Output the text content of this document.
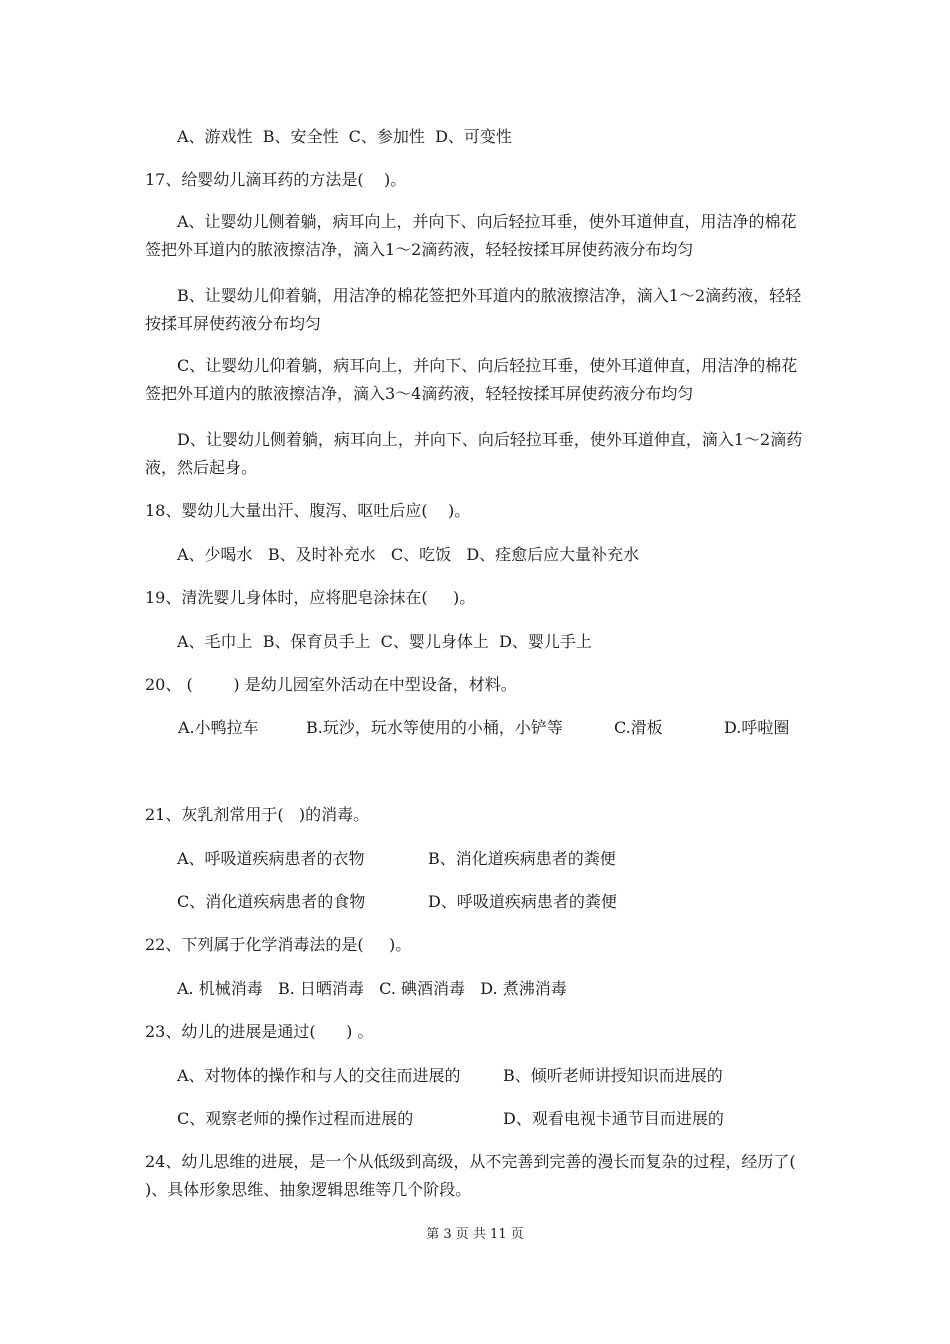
A、游戏性  B、安全性  C、参加性  D、可变性
17、给婴幼儿滴耳药的方法是(    )。
A、让婴幼儿侧着躺，病耳向上，并向下、向后轻拉耳垂，使外耳道伸直，用洁净的棉花签把外耳道内的脓液擦洁净，滴入1～2滴药液，轻轻按揉耳屏使药液分布均匀
B、让婴幼儿仰着躺，用洁净的棉花签把外耳道内的脓液擦洁净，滴入1～2滴药液，轻轻按揉耳屏使药液分布均匀
C、让婴幼儿仰着躺，病耳向上，并向下、向后轻拉耳垂，使外耳道伸直，用洁净的棉花签把外耳道内的脓液擦洁净，滴入3～4滴药液，轻轻按揉耳屏使药液分布均匀
D、让婴幼儿侧着躺，病耳向上，并向下、向后轻拉耳垂，使外耳道伸直，滴入1～2滴药液，然后起身。
18、婴幼儿大量出汗、腹泻、呕吐后应(    )。
A、少喝水   B、及时补充水   C、吃饭   D、痊愈后应大量补充水
19、清洗婴儿身体时，应将肥皂涂抹在(     )。
A、毛巾上  B、保育员手上  C、婴儿身体上  D、婴儿手上
20、 (        ) 是幼儿园室外活动在中型设备，材料。
A.小鸭拉车	B.玩沙，玩水等使用的小桶，小铲等	C.滑板	D.呼啦圈
21、灰乳剂常用于(   )的消毒。
A、呼吸道疾病患者的衣物	B、消化道疾病患者的粪便
C、消化道疾病患者的食物	D、呼吸道疾病患者的粪便
22、下列属于化学消毒法的是(     )。
A. 机械消毒   B. 日晒消毒   C. 碘酒消毒   D. 煮沸消毒
23、幼儿的进展是通过(      ) 。
A、对物体的操作和与人的交往而进展的	B、倾听老师讲授知识而进展的
C、观察老师的操作过程而进展的	D、观看电视卡通节目而进展的
24、幼儿思维的进展，是一个从低级到高级，从不完善到完善的漫长而复杂的过程，经历了(     )、具体形象思维、抽象逻辑思维等几个阶段。
第 3 页 共 11 页
